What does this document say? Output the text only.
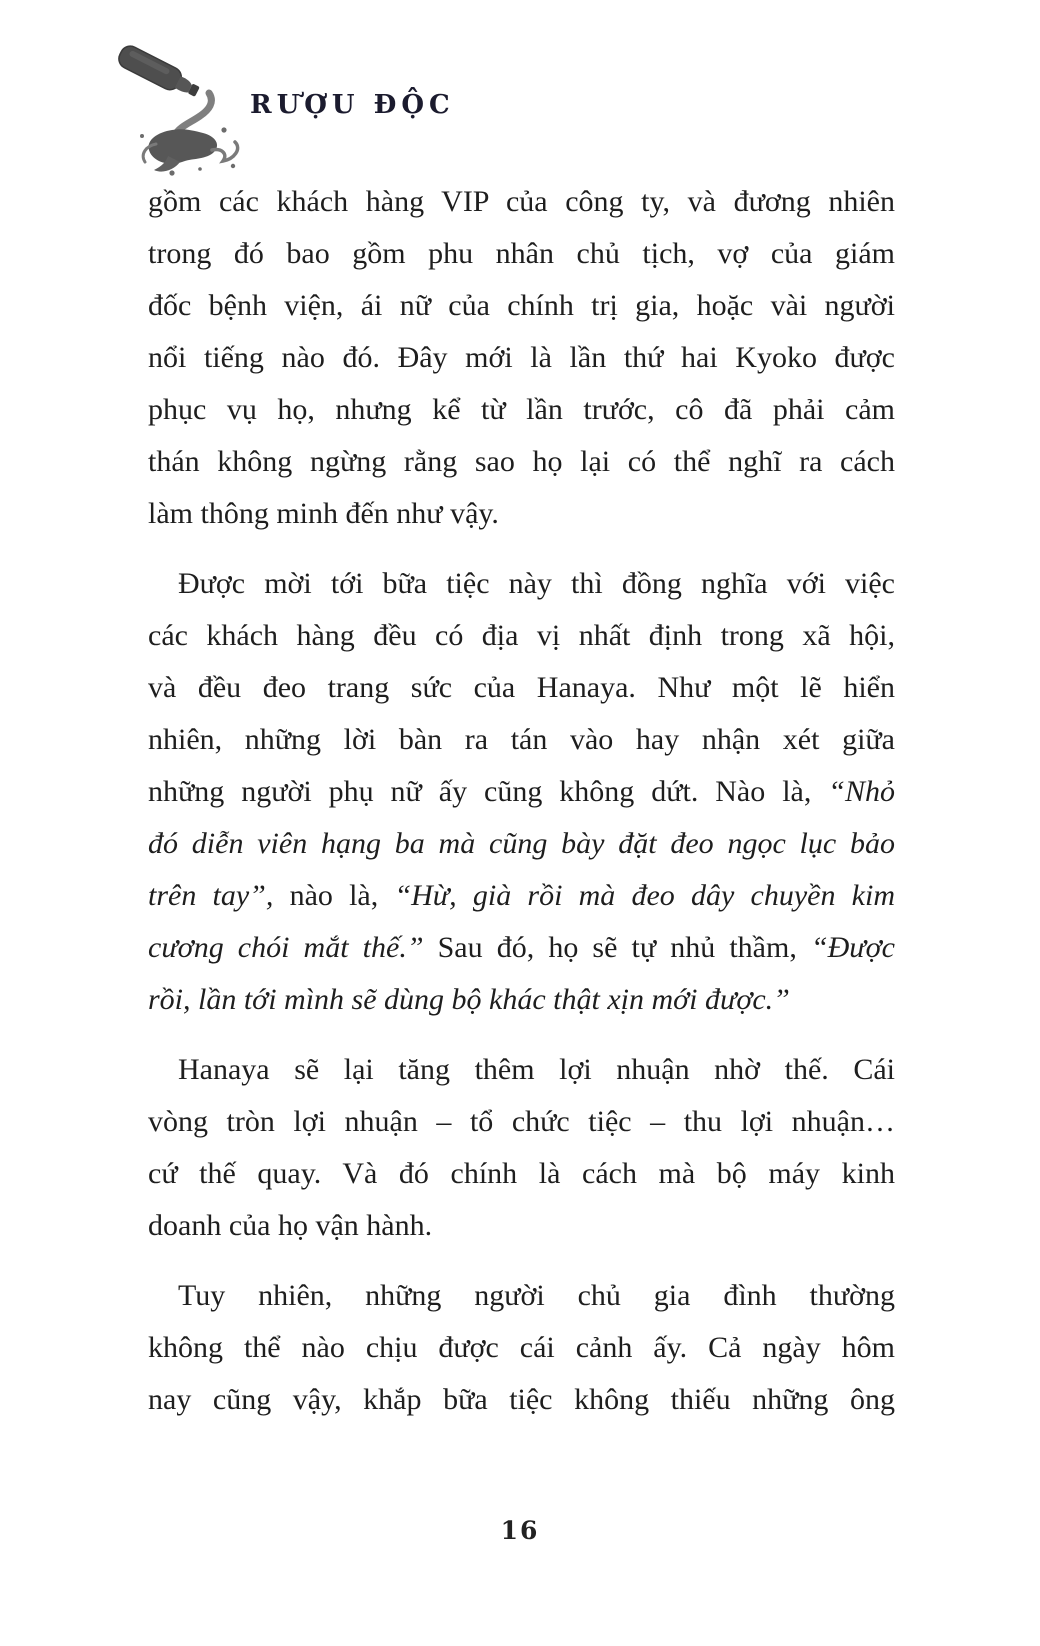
RƯỢU ĐỘC
gồm các khách hàng VIP của công ty, và đương nhiên
trong đó bao gồm phu nhân chủ tịch, vợ của giám
đốc bệnh viện, ái nữ của chính trị gia, hoặc vài người
nổi tiếng nào đó. Đây mới là lần thứ hai Kyoko được
phục vụ họ, nhưng kể từ lần trước, cô đã phải cảm
thán không ngừng rằng sao họ lại có thể nghĩ ra cách
làm thông minh đến như vậy.
Được mời tới bữa tiệc này thì đồng nghĩa với việc
các khách hàng đều có địa vị nhất định trong xã hội,
và đều đeo trang sức của Hanaya. Như một lẽ hiển
nhiên, những lời bàn ra tán vào hay nhận xét giữa
những người phụ nữ ấy cũng không dứt. Nào là, “Nhỏ
đó diễn viên hạng ba mà cũng bày đặt đeo ngọc lục bảo
trên tay”, nào là, “Hừ, già rồi mà đeo dây chuyền kim
cương chói mắt thế.” Sau đó, họ sẽ tự nhủ thầm, “Được
rồi, lần tới mình sẽ dùng bộ khác thật xịn mới được.”
Hanaya sẽ lại tăng thêm lợi nhuận nhờ thế. Cái
vòng tròn lợi nhuận – tổ chức tiệc – thu lợi nhuận…
cứ thế quay. Và đó chính là cách mà bộ máy kinh
doanh của họ vận hành.
Tuy nhiên, những người chủ gia đình thường
không thể nào chịu được cái cảnh ấy. Cả ngày hôm
nay cũng vậy, khắp bữa tiệc không thiếu những ông
16
